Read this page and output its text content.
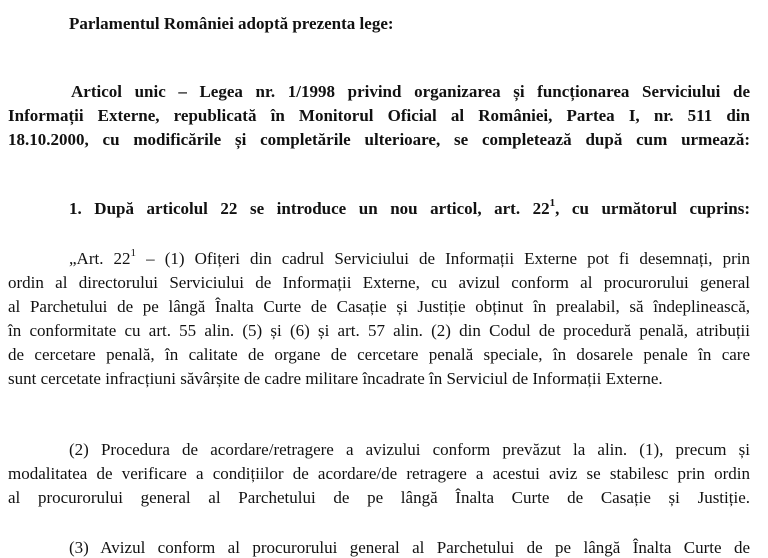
Parlamentul României adoptă prezenta lege:

Articol unic – Legea nr. 1/1998 privind organizarea și funcționarea Serviciului de

Informații Externe, republicată în Monitorul Oficial al României, Partea I, nr. 511 din

18.10.2000, cu modificările și completările ulterioare, se completează după cum urmează:

1. După articolul 22 se introduce un nou articol, art. $22^1$, cu următorul cuprins:

„Art. $22^1 - (1)$ Ofițeri din cadrul Serviciului de Informații Externe pot fi desemnați, prin

ordin al directorului Serviciului de Informații Externe, cu avizul conform al procurorului general

al Parchetului de pe lângă Înalta Curte de Casație și Justiție obținut în prealabil, să îndeplinească,

în conformitate cu art. 55 alin. (5) și (6) și art. 57 alin. (2) din Codul de procedură penală, atribuții

de cercetare penală, în calitate de organe de cercetare penală speciale, în dosarele penale în care

sunt cercetate infracțiuni săvârșite de cadre militare încadrate în Serviciul de Informații Externe.

(2) Procedura de acordare/retragere a avizului conform prevăzut la alin. (1), precum și

modalitatea de verificare a condițiilor de acordare/de retragere a acestui aviz se stabilesc prin ordin

al procurorului general al Parchetului de pe lângă Înalta Curte de Casație și Justiție.

(3) Avizul conform al procurorului general al Parchetului de pe lângă Înalta Curte de
